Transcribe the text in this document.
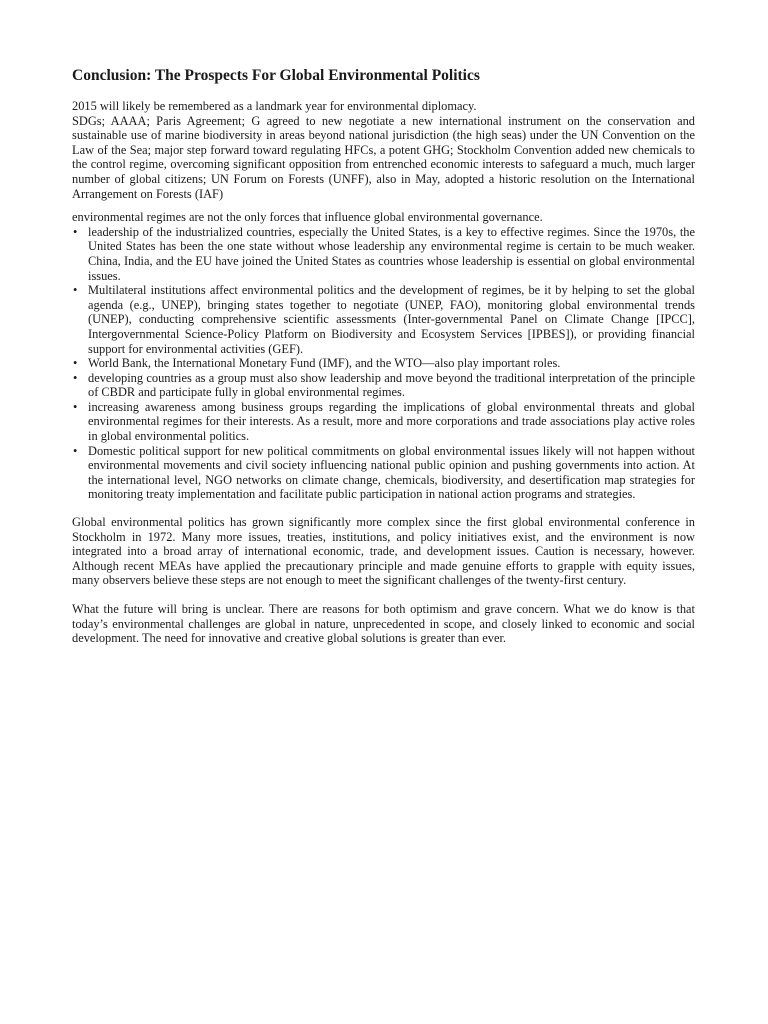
Conclusion: The Prospects For Global Environmental Politics

2015 will likely be remembered as a landmark year for environmental diplomacy.

SDGs; AAAA; Paris Agreement; G agreed to new negotiate a new international instrument on the conservation and sustainable use of marine biodiversity in areas beyond national jurisdiction (the high seas) under the UN Convention on the Law of the Sea; major step forward toward regulating HFCs, a potent GHG; Stockholm Convention added new chemicals to the control regime, overcoming significant opposition from entrenched economic interests to safeguard a much, much larger number of global citizens; UN Forum on Forests (UNFF), also in May, adopted a historic resolution on the International Arrangement on Forests (IAF)

environmental regimes are not the only forces that influence global environmental governance.

• leadership of the industrialized countries, especially the United States, is a key to effective regimes. Since the 1970s, the United States has been the one state without whose leadership any environmental regime is certain to be much weaker. China, India, and the EU have joined the United States as countries whose leadership is essential on global environmental issues.
• Multilateral institutions affect environmental politics and the development of regimes, be it by helping to set the global agenda (e.g., UNEP), bringing states together to negotiate (UNEP, FAO), monitoring global environmental trends (UNEP), conducting comprehensive scientific assessments (Inter-governmental Panel on Climate Change [IPCC], Intergovernmental Science-Policy Platform on Biodiversity and Ecosystem Services [IPBES]), or providing financial support for environmental activities (GEF).
• World Bank, the International Monetary Fund (IMF), and the WTO—also play important roles.
• developing countries as a group must also show leadership and move beyond the traditional interpretation of the principle of CBDR and participate fully in global environmental regimes.
• increasing awareness among business groups regarding the implications of global environmental threats and global environmental regimes for their interests. As a result, more and more corporations and trade associations play active roles in global environmental politics.
• Domestic political support for new political commitments on global environmental issues likely will not happen without environmental movements and civil society influencing national public opinion and pushing governments into action. At the international level, NGO networks on climate change, chemicals, biodiversity, and desertification map strategies for monitoring treaty implementation and facilitate public participation in national action programs and strategies.

Global environmental politics has grown significantly more complex since the first global environmental conference in Stockholm in 1972. Many more issues, treaties, institutions, and policy initiatives exist, and the environment is now integrated into a broad array of international economic, trade, and development issues. Caution is necessary, however. Although recent MEAs have applied the precautionary principle and made genuine efforts to grapple with equity issues, many observers believe these steps are not enough to meet the significant challenges of the twenty-first century.

What the future will bring is unclear. There are reasons for both optimism and grave concern. What we do know is that today’s environmental challenges are global in nature, unprecedented in scope, and closely linked to economic and social development. The need for innovative and creative global solutions is greater than ever.
